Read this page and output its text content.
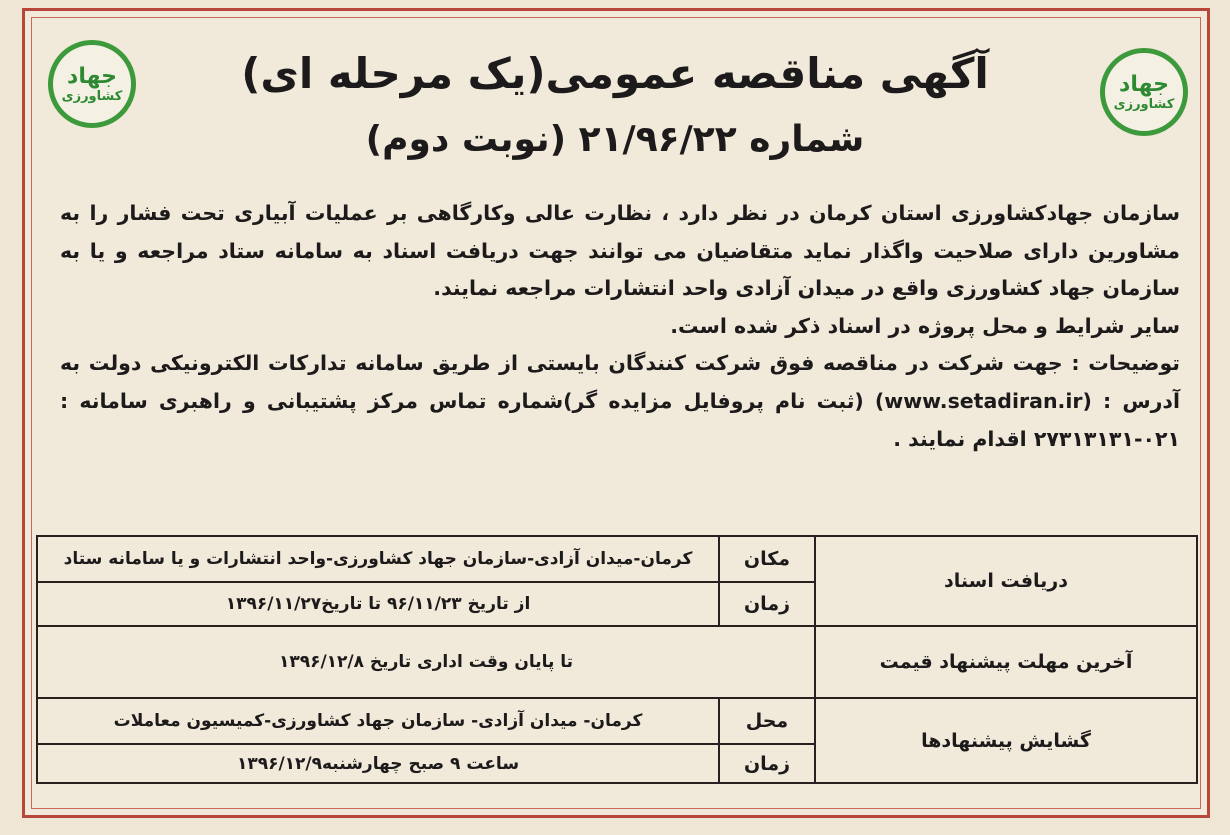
جهاد
کشاورزی	جهاد
کشاورزی
آگهی مناقصه عمومی(یک مرحله ای)
شماره ۲۱/۹۶/۲۲ (نوبت دوم)

سازمان جهادکشاورزی استان کرمان در نظر دارد ، نظارت عالی وکارگاهی بر عملیات آبیاری تحت فشار را به مشاورین دارای صلاحیت واگذار نماید متقاضیان می توانند جهت دریافت اسناد به سامانه ستاد مراجعه و یا به سازمان جهاد کشاورزی واقع در میدان آزادی واحد انتشارات مراجعه نمایند.

سایر شرایط و محل پروژه در اسناد ذکر شده است.

توضیحات : جهت شرکت در مناقصه فوق شرکت کنندگان بایستی از طریق سامانه تدارکات الکترونیکی دولت به آدرس : (www.setadiran.ir) (ثبت نام پروفایل مزایده گر)شماره تماس مرکز پشتیبانی و راهبری سامانه : ۰۲۱-۲۷۳۱۳۱۳۱ اقدام نمایند .

دریافت اسناد	مکان	کرمان-میدان آزادی-سازمان جهاد کشاورزی-واحد انتشارات و یا سامانه ستاد
	زمان	از تاریخ ۹۶/۱۱/۲۳ تا تاریخ۱۳۹۶/۱۱/۲۷
آخرین مهلت پیشنهاد قیمت	تا پایان وقت اداری تاریخ ۱۳۹۶/۱۲/۸	
گشایش پیشنهادها	محل	کرمان- میدان آزادی- سازمان جهاد کشاورزی-کمیسیون معاملات
	زمان	ساعت ۹ صبح چهارشنبه۱۳۹۶/۱۲/۹
